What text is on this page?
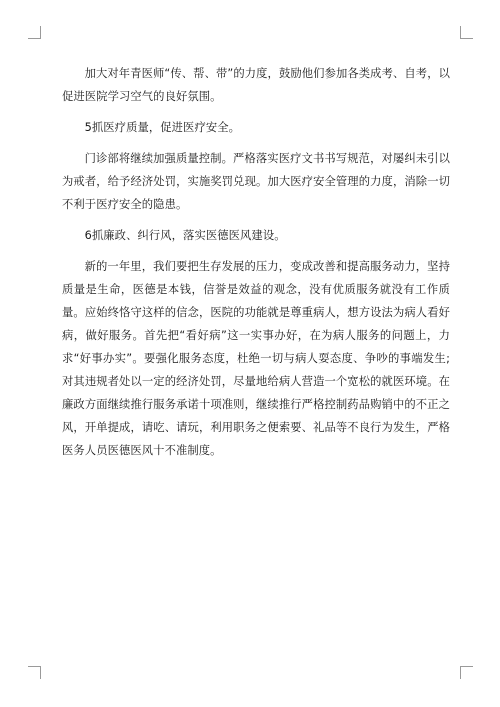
加大对年青医师“传、帮、带”的力度，鼓励他们参加各类成考、自考，以促进医院学习空气的良好氛围。

5抓医疗质量，促进医疗安全。

门诊部将继续加强质量控制。严格落实医疗文书书写规范，对屡纠未引以为戒者，给予经济处罚，实施奖罚兑现。加大医疗安全管理的力度，消除一切不利于医疗安全的隐患。

6抓廉政、纠行风，落实医德医风建设。

新的一年里，我们要把生存发展的压力，变成改善和提高服务动力，坚持质量是生命，医德是本钱，信誉是效益的观念，没有优质服务就没有工作质量。应始终恪守这样的信念，医院的功能就是尊重病人，想方设法为病人看好病，做好服务。首先把“看好病”这一实事办好，在为病人服务的问题上，力求“好事办实”。要强化服务态度，杜绝一切与病人耍态度、争吵的事端发生;对其违规者处以一定的经济处罚，尽量地给病人营造一个宽松的就医环境。在廉政方面继续推行服务承诺十项准则，继续推行严格控制药品购销中的不正之风，开单提成，请吃、请玩，利用职务之便索要、礼品等不良行为发生，严格医务人员医德医风十不准制度。
